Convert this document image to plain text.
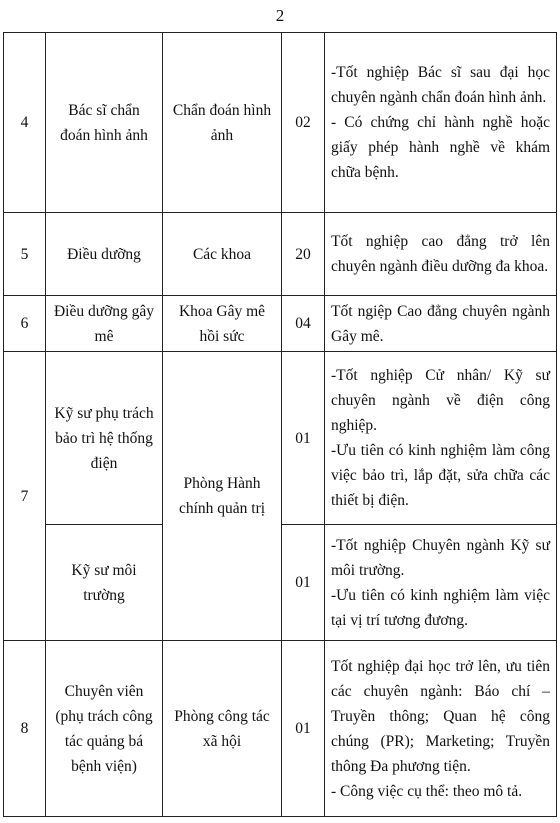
2
4	Bác sĩ chẩn đoán hình ảnh	Chẩn đoán hình ảnh	02	-Tốt nghiệp Bác sĩ sau đại học chuyên ngành chẩn đoán hình ảnh.
- Có chứng chỉ hành nghề hoặc giấy phép hành nghề về khám chữa bệnh.

5	Điều dưỡng	Các khoa	20	Tốt nghiệp cao đẳng trở lên chuyên ngành điều dưỡng đa khoa.

6	Điều dưỡng gây mê	Khoa Gây mê hồi sức	04	Tốt ngiệp Cao đẳng chuyên ngành Gây mê.

7	Kỹ sư phụ trách bảo trì hệ thống điện	Phòng Hành chính quản trị	01	-Tốt nghiệp Cử nhân/ Kỹ sư chuyên ngành về điện công nghiệp.
-Ưu tiên có kinh nghiệm làm công việc bảo trì, lắp đặt, sửa chữa các thiết bị điện.

	Kỹ sư môi trường		01	-Tốt nghiệp Chuyên ngành Kỹ sư môi trường.
-Ưu tiên có kinh nghiệm làm việc tại vị trí tương đương.

8	Chuyên viên (phụ trách công tác quảng bá bệnh viện)	Phòng công tác xã hội	01	Tốt nghiệp đại học trở lên, ưu tiên các chuyên ngành: Báo chí – Truyền thông; Quan hệ công chúng (PR); Marketing; Truyền thông Đa phương tiện.
- Công việc cụ thể: theo mô tả.
